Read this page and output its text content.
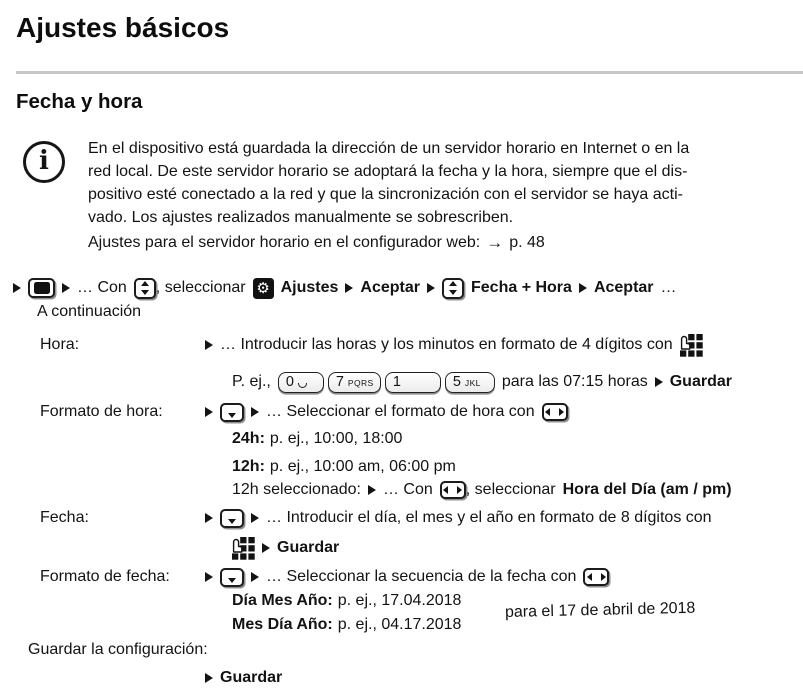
Ajustes básicos
Fecha y hora
i En el dispositivo está guardada la dirección de un servidor horario en Internet o en la
red local. De este servidor horario se adoptará la fecha y la hora, siempre que el dis-
positivo esté conectado a la red y que la sincronización con el servidor se haya acti-
vado. Los ajustes realizados manualmente se sobrescriben.
Ajustes para el servidor horario en el configurador web: → p. 48
… Con , seleccionar ⚙ Ajustes Aceptar	Fecha + Hora Aceptar …
A continuación
Hora:	… Introducir las horas y los minutos en formato de 4 dígitos con
P. ej., 0	7 PQRS 1	5 JKL para las 07:15 horas Guardar
Formato de hora:	… Seleccionar el formato de hora con
24h: p. ej., 10:00, 18:00
12h: p. ej., 10:00 am, 06:00 pm
12h seleccionado: … Con , seleccionar Hora del Día (am / pm)
Fecha:	… Introducir el día, el mes y el año en formato de 8 dígitos con
Guardar
Formato de fecha:	… Seleccionar la secuencia de la fecha con
Día Mes Año: p. ej., 17.04.2018
Mes Día Año: p. ej., 04.17.2018
para el 17 de abril de 2018
Guardar la configuración:
Guardar
